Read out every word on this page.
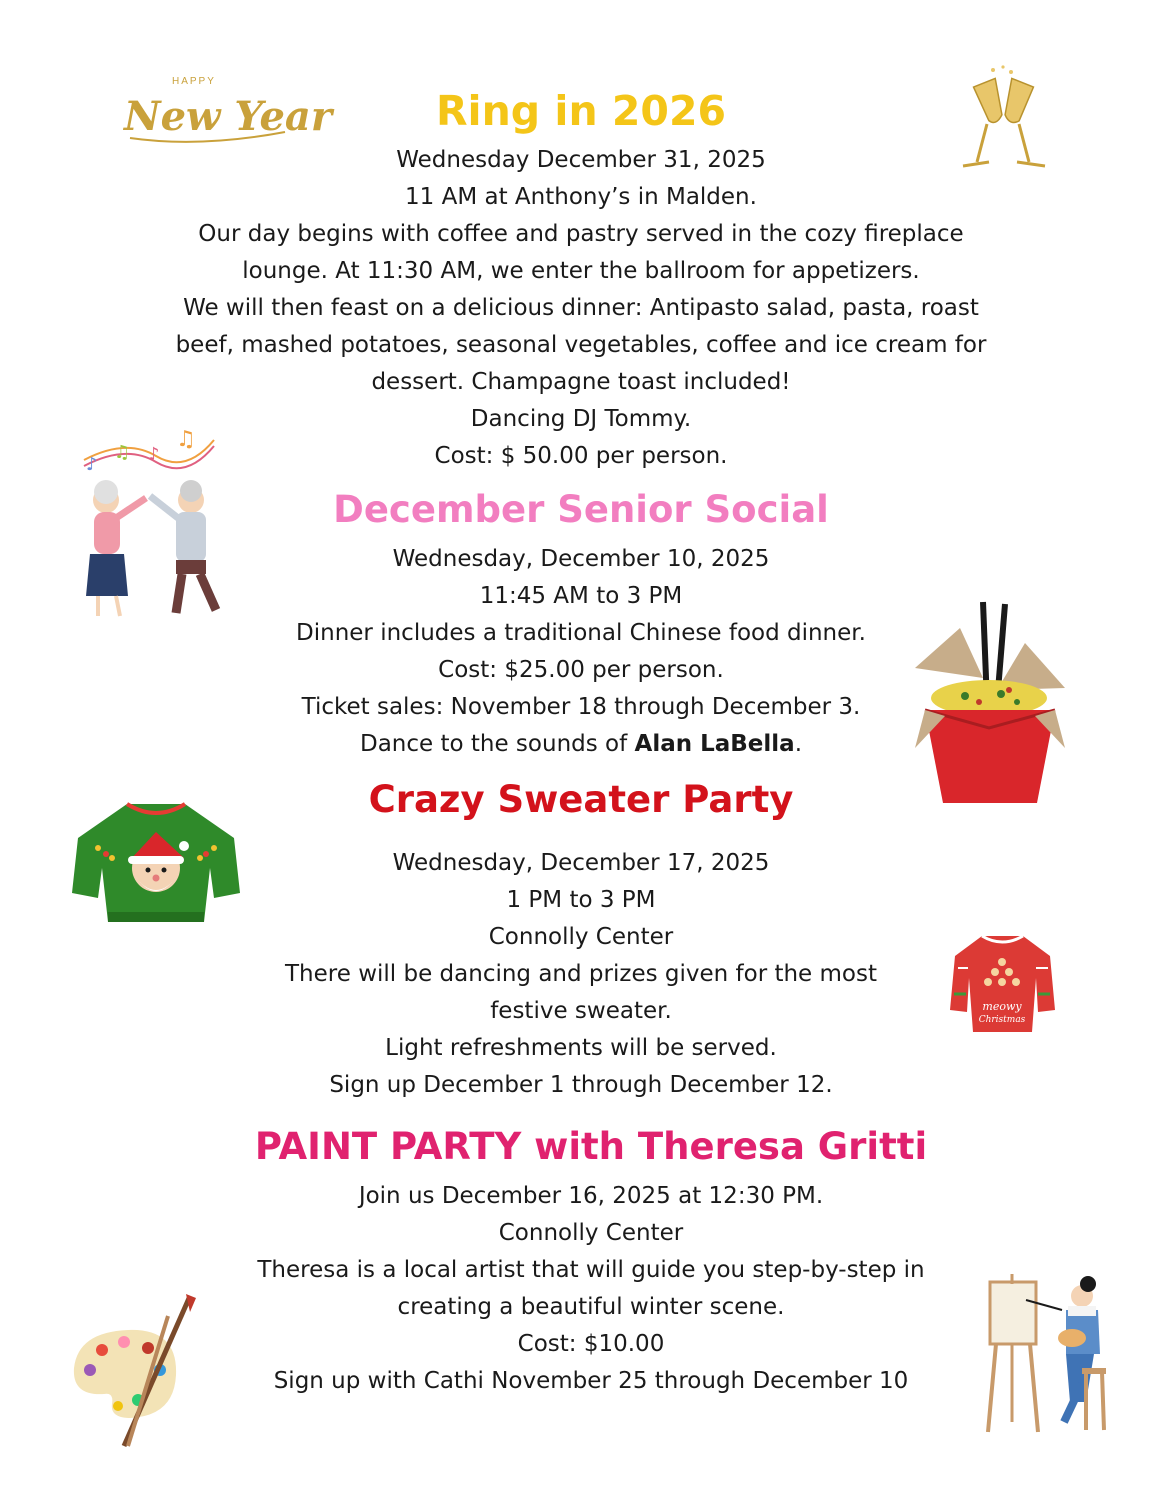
HAPPY
New Year
♪
♫ ♪
♫
meowy
Christmas
Ring in 2026

Wednesday December 31, 2025

11 AM at Anthony’s in Malden.

Our day begins with coffee and pastry served in the cozy fireplace

lounge. At 11:30 AM, we enter the ballroom for appetizers.

We will then feast on a delicious dinner: Antipasto salad, pasta, roast

beef, mashed potatoes, seasonal vegetables, coffee and ice cream for

dessert. Champagne toast included!

Dancing DJ Tommy.

Cost: $ 50.00 per person.

December Senior Social

Wednesday, December 10, 2025

11:45 AM to 3 PM

Dinner includes a traditional Chinese food dinner.

Cost: $25.00 per person.

Ticket sales: November 18 through December 3.

Dance to the sounds of Alan LaBella.

Crazy Sweater Party

Wednesday, December 17, 2025

1 PM to 3 PM

Connolly Center

There will be dancing and prizes given for the most

festive sweater.

Light refreshments will be served.

Sign up December 1 through December 12.

PAINT PARTY with Theresa Gritti

Join us December 16, 2025 at 12:30 PM.

Connolly Center

Theresa is a local artist that will guide you step-by-step in

creating a beautiful winter scene.

Cost: $10.00

Sign up with Cathi November 25 through December 10
